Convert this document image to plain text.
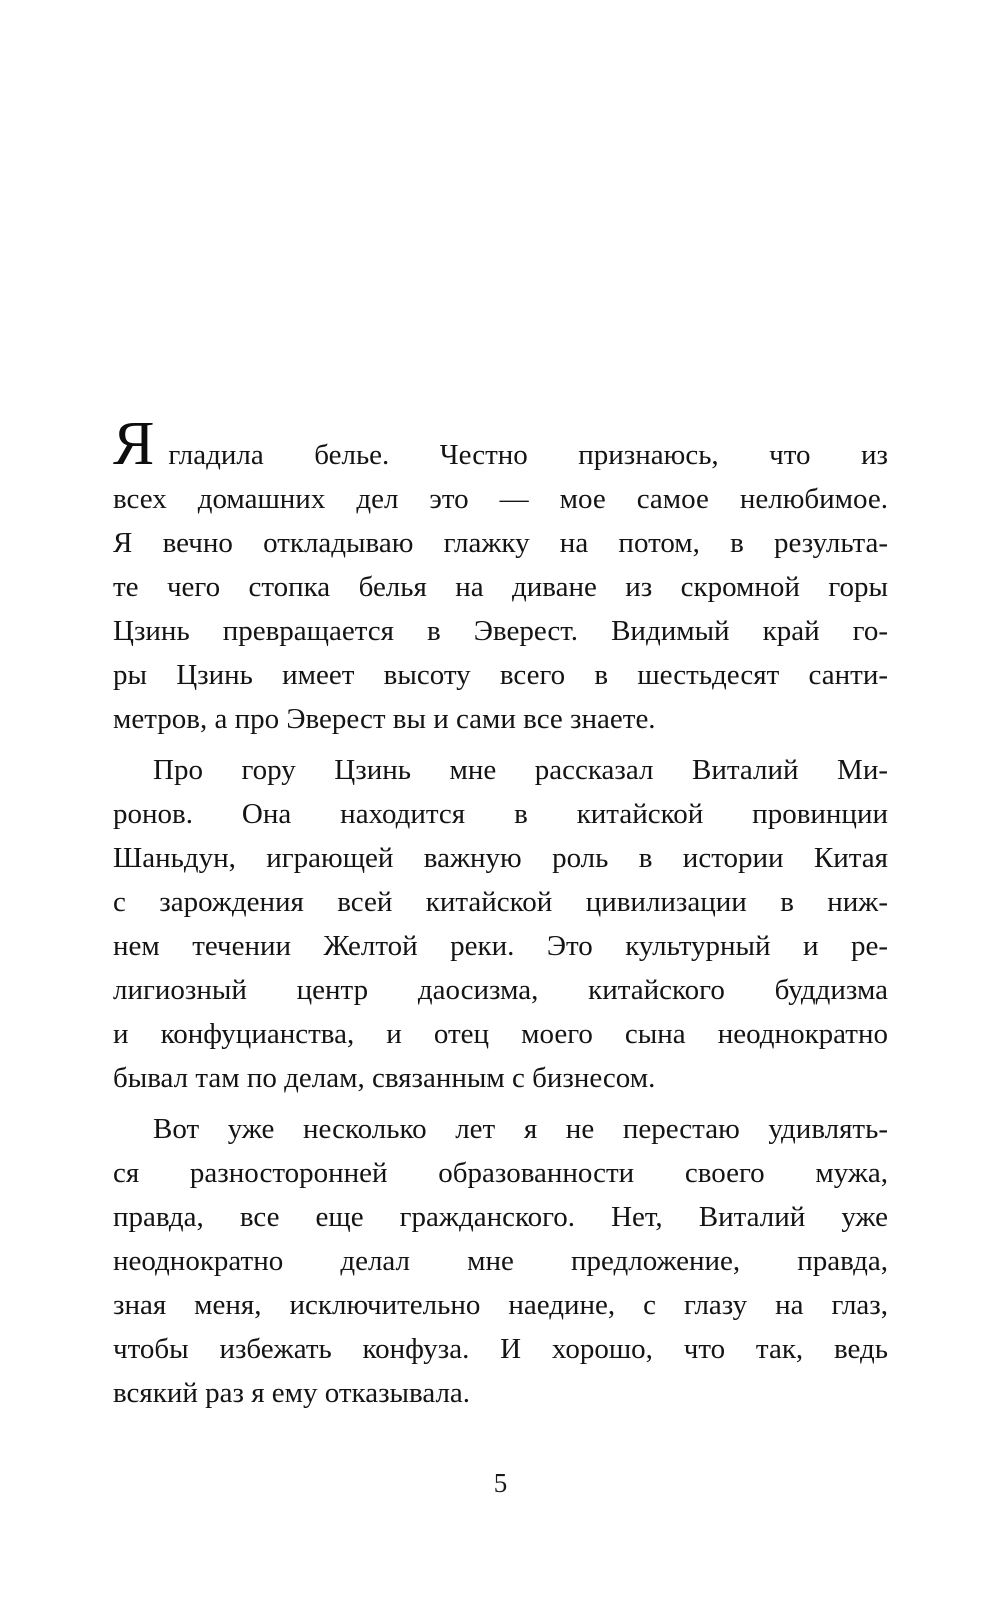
Ягладила белье. Честно признаюсь, что из
всех домашних дел это — мое самое нелюбимое.
Я вечно откладываю глажку на потом, в результа-
те чего стопка белья на диване из скромной горы
Цзинь превращается в Эверест. Видимый край го-
ры Цзинь имеет высоту всего в шестьдесят санти-
метров, а про Эверест вы и сами все знаете.
Про гору Цзинь мне рассказал Виталий Ми-
ронов. Она находится в китайской провинции
Шаньдун, играющей важную роль в истории Китая
с зарождения всей китайской цивилизации в ниж-
нем течении Желтой реки. Это культурный и ре-
лигиозный центр даосизма, китайского буддизма
и конфуцианства, и отец моего сына неоднократно
бывал там по делам, связанным с бизнесом.
Вот уже несколько лет я не перестаю удивлять-
ся разносторонней образованности своего мужа,
правда, все еще гражданского. Нет, Виталий уже
неоднократно делал мне предложение, правда,
зная меня, исключительно наедине, с глазу на глаз,
чтобы избежать конфуза. И хорошо, что так, ведь
всякий раз я ему отказывала.
5
